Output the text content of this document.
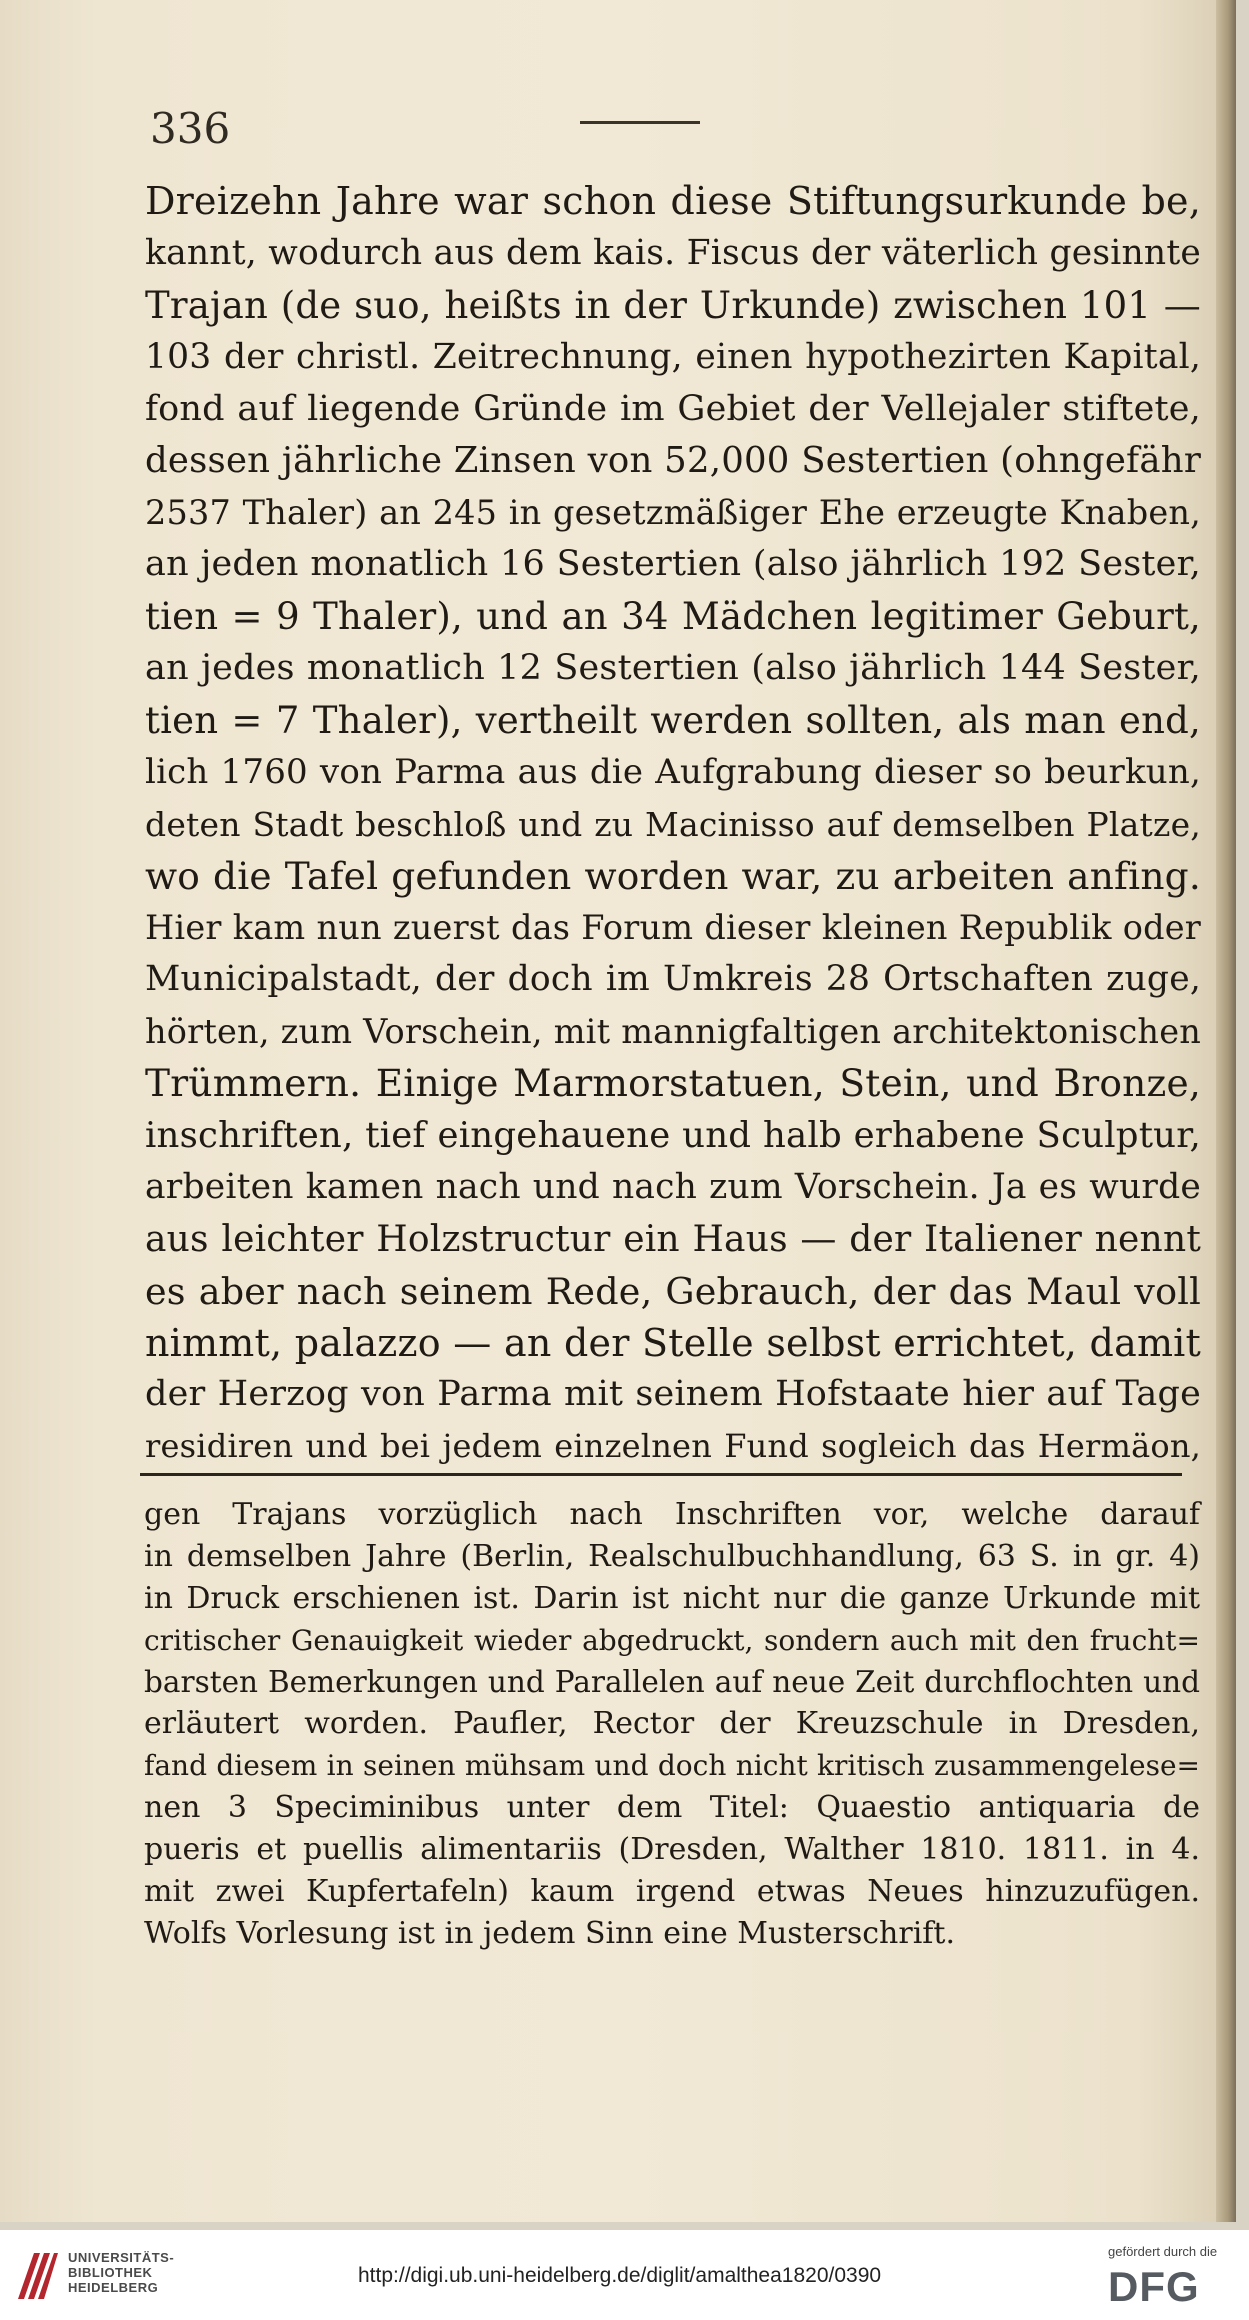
336
Dreizehn Jahre war schon diese Stiftungsurkunde be,
kannt, wodurch aus dem kais. Fiscus der väterlich gesinnte
Trajan (de suo, heißts in der Urkunde) zwischen 101 —
103 der christl. Zeitrechnung, einen hypothezirten Kapital,
fond auf liegende Gründe im Gebiet der Vellejaler stiftete,
dessen jährliche Zinsen von 52,000 Sestertien (ohngefähr
2537 Thaler) an 245 in gesetzmäßiger Ehe erzeugte Knaben,
an jeden monatlich 16 Sestertien (also jährlich 192 Sester,
tien = 9 Thaler), und an 34 Mädchen legitimer Geburt,
an jedes monatlich 12 Sestertien (also jährlich 144 Sester,
tien = 7 Thaler), vertheilt werden sollten, als man end,
lich 1760 von Parma aus die Aufgrabung dieser so beurkun,
deten Stadt beschloß und zu Macinisso auf demselben Platze,
wo die Tafel gefunden worden war, zu arbeiten anfing.
Hier kam nun zuerst das Forum dieser kleinen Republik oder
Municipalstadt, der doch im Umkreis 28 Ortschaften zuge,
hörten, zum Vorschein, mit mannigfaltigen architektonischen
Trümmern. Einige Marmorstatuen, Stein, und Bronze,
inschriften, tief eingehauene und halb erhabene Sculptur,
arbeiten kamen nach und nach zum Vorschein. Ja es wurde
aus leichter Holzstructur ein Haus — der Italiener nennt
es aber nach seinem Rede, Gebrauch, der das Maul voll
nimmt, palazzo — an der Stelle selbst errichtet, damit
der Herzog von Parma mit seinem Hofstaate hier auf Tage
residiren und bei jedem einzelnen Fund sogleich das Hermäon,
gen Trajans vorzüglich nach Inschriften vor, welche darauf
in demselben Jahre (Berlin, Realschulbuchhandlung, 63 S. in gr. 4)
in Druck erschienen ist. Darin ist nicht nur die ganze Urkunde mit
critischer Genauigkeit wieder abgedruckt, sondern auch mit den frucht=
barsten Bemerkungen und Parallelen auf neue Zeit durchflochten und
erläutert worden. Paufler, Rector der Kreuzschule in Dresden,
fand diesem in seinen mühsam und doch nicht kritisch zusammengelese=
nen 3 Speciminibus unter dem Titel: Quaestio antiquaria de
pueris et puellis alimentariis (Dresden, Walther 1810. 1811. in 4.
mit zwei Kupfertafeln) kaum irgend etwas Neues hinzuzufügen.
Wolfs Vorlesung ist in jedem Sinn eine Musterschrift.
UNIVERSITÄTS-
BIBLIOTHEK
HEIDELBERG
http://digi.ub.uni-heidelberg.de/diglit/amalthea1820/0390
gefördert durch die
DFG
